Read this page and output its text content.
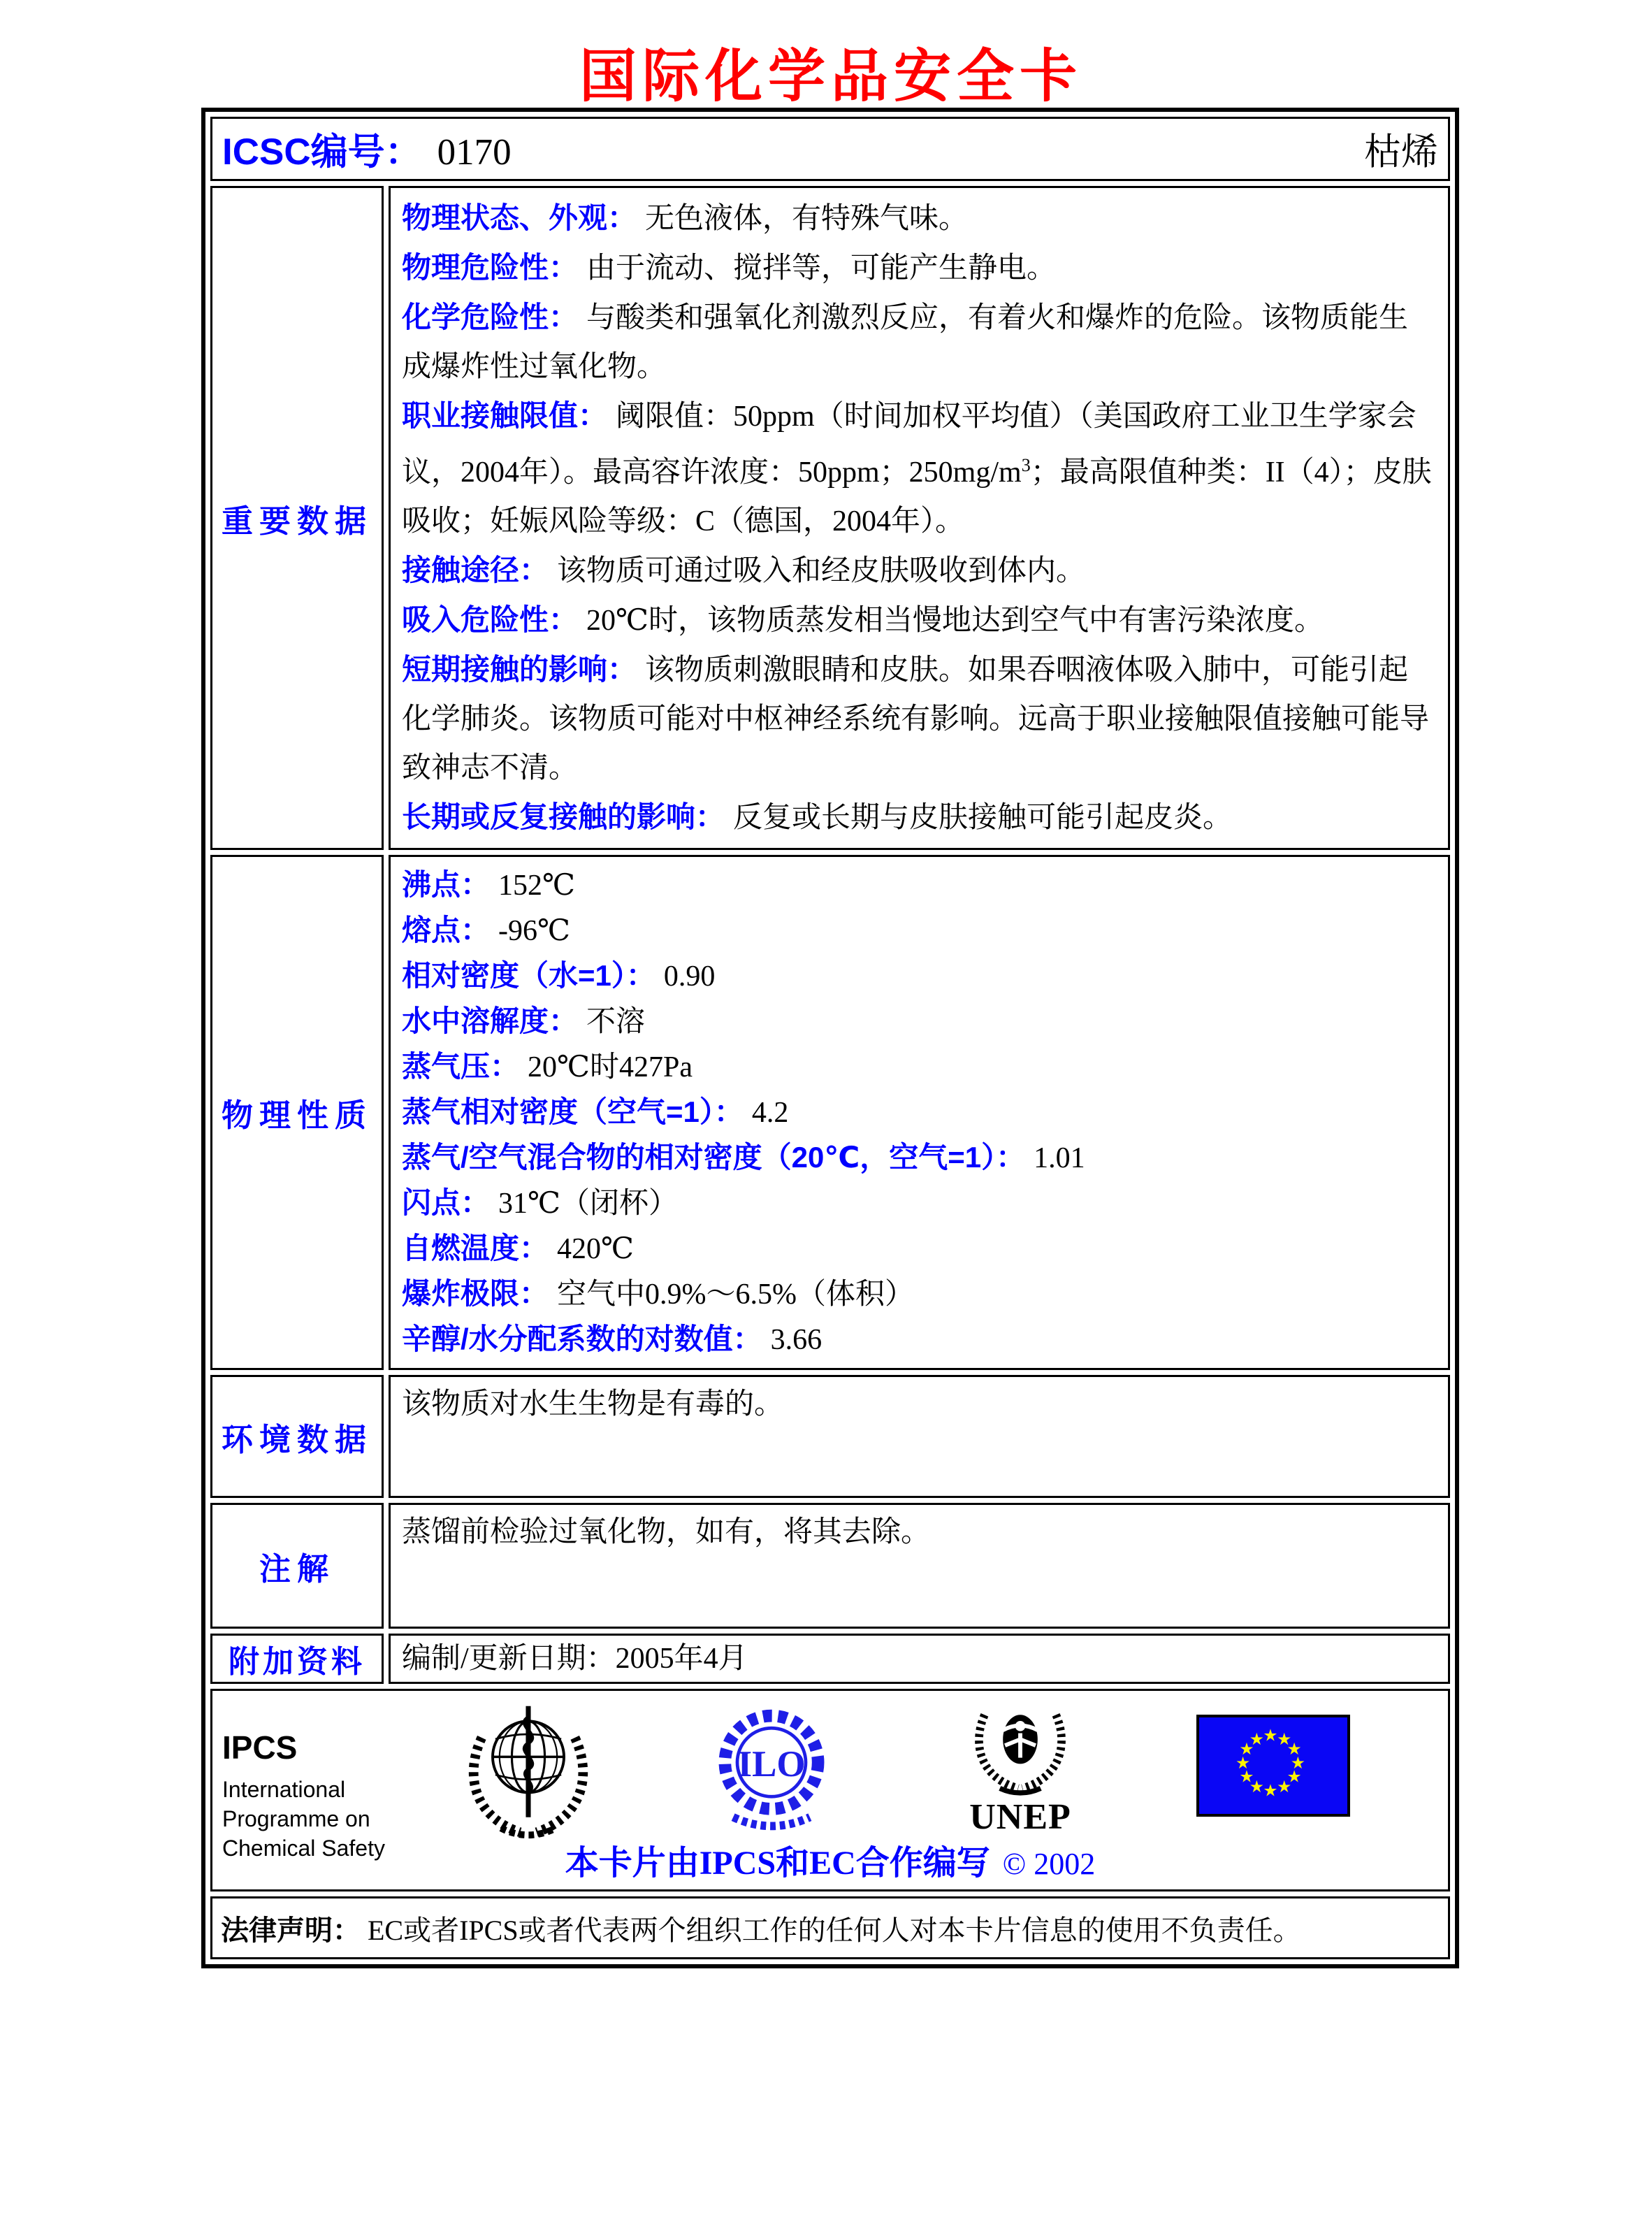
国际化学品安全卡
ICSC编号： 0170 枯烯	

重要数据	
物理状态、外观： 无色液体，有特殊气味。
物理危险性： 由于流动、搅拌等，可能产生静电。
化学危险性： 与酸类和强氧化剂激烈反应，有着火和爆炸的危险。该物质能生成爆炸性过氧化物。
职业接触限值： 阈限值：50ppm（时间加权平均值）（美国政府工业卫生学家会议，2004年）。最高容许浓度：50ppm；$250mg/m^3$；最高限值种类：II（4）；皮肤吸收；妊娠风险等级：C（德国，2004年）。
接触途径： 该物质可通过吸入和经皮肤吸收到体内。
吸入危险性： 20℃时，该物质蒸发相当慢地达到空气中有害污染浓度。
短期接触的影响： 该物质刺激眼睛和皮肤。如果吞咽液体吸入肺中，可能引起化学肺炎。该物质可能对中枢神经系统有影响。远高于职业接触限值接触可能导致神志不清。
长期或反复接触的影响： 反复或长期与皮肤接触可能引起皮炎。

物理性质	
沸点： 152℃
熔点： -96℃
相对密度（水=1）： 0.90
水中溶解度： 不溶
蒸气压： 20℃时427Pa
蒸气相对密度（空气=1）： 4.2
蒸气/空气混合物的相对密度（20℃，空气=1）： 1.01
闪点： 31℃（闭杯）
自燃温度： 420℃
爆炸极限： 空气中0.9%～6.5%（体积）
辛醇/水分配系数的对数值： 3.66

环境数据	该物质对水生生物是有毒的。

注解	蒸馏前检验过氧化物，如有，将其去除。

附加资料	编制/更新日期：2005年4月

IPCS
International
Programme on
Chemical Safety
ILO
UNEP
★
★
★
★
★
★
★
★
★
★
★
★
本卡片由IPCS和EC合作编写 © 2002

法律声明： EC或者IPCS或者代表两个组织工作的任何人对本卡片信息的使用不负责任。	
